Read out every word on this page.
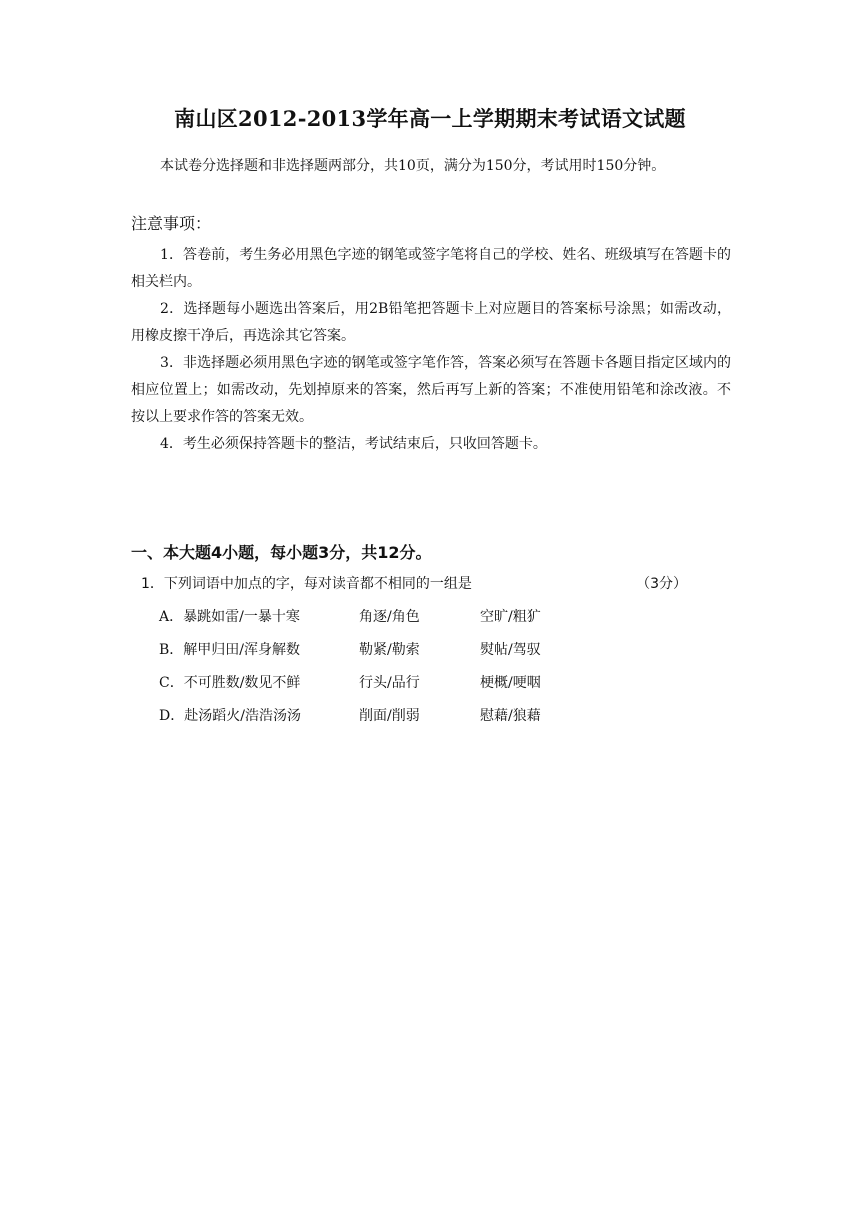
南山区2012-2013学年高一上学期期末考试语文试题
本试卷分选择题和非选择题两部分，共10页，满分为150分，考试用时150分钟。
注意事项：
1．答卷前，考生务必用黑色字迹的钢笔或签字笔将自己的学校、姓名、班级填写在答题卡的相关栏内。
2．选择题每小题选出答案后，用2B铅笔把答题卡上对应题目的答案标号涂黑；如需改动，用橡皮擦干净后，再选涂其它答案。
3．非选择题必须用黑色字迹的钢笔或签字笔作答，答案必须写在答题卡各题目指定区域内的相应位置上；如需改动，先划掉原来的答案，然后再写上新的答案；不准使用铅笔和涂改液。不按以上要求作答的答案无效。
4．考生必须保持答题卡的整洁，考试结束后，只收回答题卡。
一、本大题4小题，每小题3分，共12分。
1．下列词语中加点的字，每对读音都不相同的一组是	（3分）
A．暴跳如雷/一暴十寒	角逐/角色	空旷/粗犷
B．解甲归田/浑身解数	勒紧/勒索	熨帖/驾驭
C．不可胜数/数见不鲜	行头/品行	梗概/哽咽
D．赴汤蹈火/浩浩汤汤	削面/削弱	慰藉/狼藉
